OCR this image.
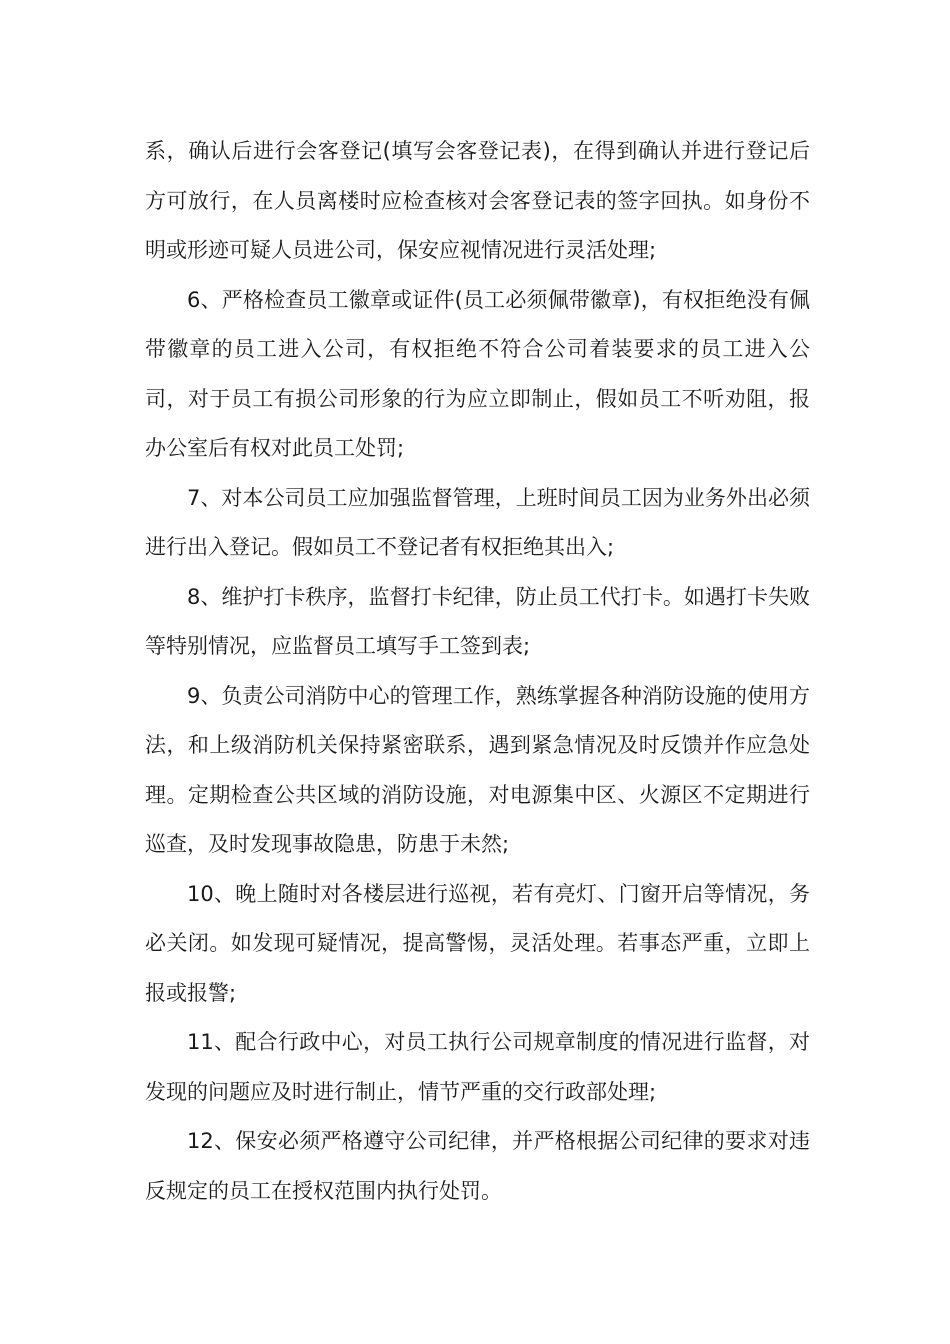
系，确认后进行会客登记(填写会客登记表)，在得到确认并进行登记后方可放行，在人员离楼时应检查核对会客登记表的签字回执。如身份不明或形迹可疑人员进公司，保安应视情况进行灵活处理;

6、严格检查员工徽章或证件(员工必须佩带徽章)，有权拒绝没有佩带徽章的员工进入公司，有权拒绝不符合公司着装要求的员工进入公司，对于员工有损公司形象的行为应立即制止，假如员工不听劝阻，报办公室后有权对此员工处罚;

7、对本公司员工应加强监督管理，上班时间员工因为业务外出必须进行出入登记。假如员工不登记者有权拒绝其出入;

8、维护打卡秩序，监督打卡纪律，防止员工代打卡。如遇打卡失败等特别情况，应监督员工填写手工签到表;

9、负责公司消防中心的管理工作，熟练掌握各种消防设施的使用方法，和上级消防机关保持紧密联系，遇到紧急情况及时反馈并作应急处理。定期检查公共区域的消防设施，对电源集中区、火源区不定期进行巡查，及时发现事故隐患，防患于未然;

10、晚上随时对各楼层进行巡视，若有亮灯、门窗开启等情况，务必关闭。如发现可疑情况，提高警惕，灵活处理。若事态严重，立即上报或报警;

11、配合行政中心，对员工执行公司规章制度的情况进行监督，对发现的问题应及时进行制止，情节严重的交行政部处理;

12、保安必须严格遵守公司纪律，并严格根据公司纪律的要求对违反规定的员工在授权范围内执行处罚。
